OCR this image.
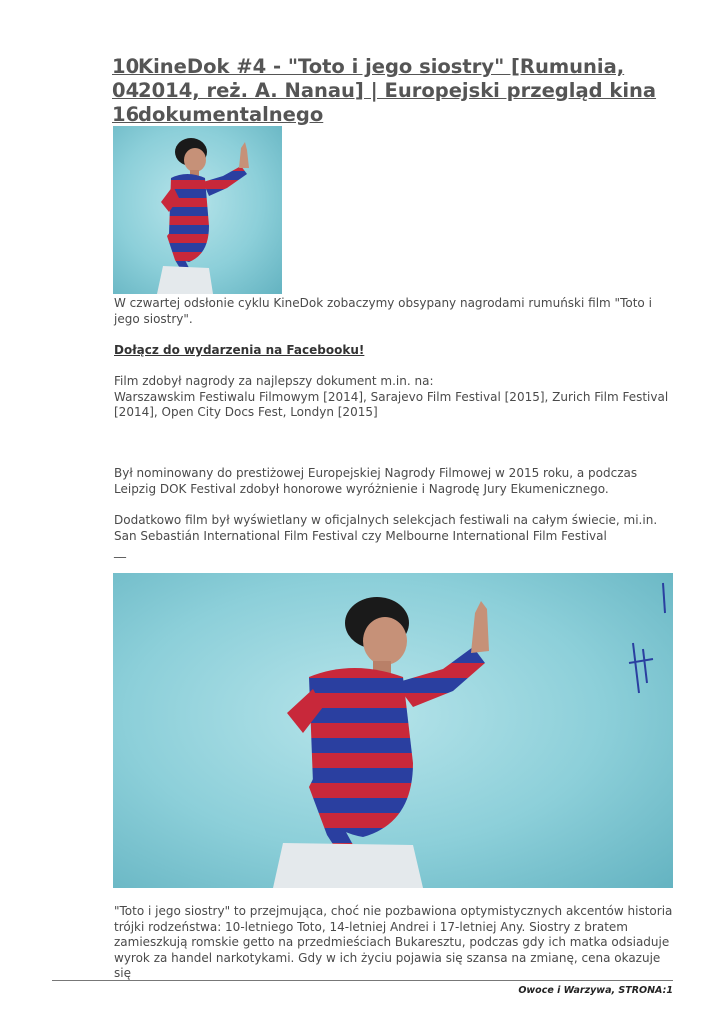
10
04
16
KineDok #4 - "Toto i jego siostry" [Rumunia, 2014, reż. A. Nanau] | Europejski przegląd kina dokumentalnego
W czwartej odsłonie cyklu KineDok zobaczymy obsypany nagrodami rumuński film "Toto i jego siostry".
Dołącz do wydarzenia na Facebooku!

Film zdobył nagrody za najlepszy dokument m.in. na:

Warszawskim Festiwalu Filmowym [2014], Sarajevo Film Festival [2015], Zurich Film Festival [2014], Open City Docs Fest, Londyn [2015]

Był nominowany do prestiżowej Europejskiej Nagrody Filmowej w 2015 roku, a podczas Leipzig DOK Festival zdobył honorowe wyróżnienie i Nagrodę Jury Ekumenicznego.
Dodatkowo film był wyświetlany w oficjalnych selekcjach festiwali na całym świecie, mi.in. San Sebastián International Film Festival czy Melbourne International Film Festival
__
"Toto i jego siostry" to przejmująca, choć nie pozbawiona optymistycznych akcentów historia trójki rodzeństwa: 10-letniego Toto, 14-letniej Andrei i 17-letniej Any. Siostry z bratem zamieszkują romskie getto na przedmieściach Bukaresztu, podczas gdy ich matka odsiaduje wyrok za handel narkotykami. Gdy w ich życiu pojawia się szansa na zmianę, cena okazuje się
Owoce i Warzywa, STRONA:1
